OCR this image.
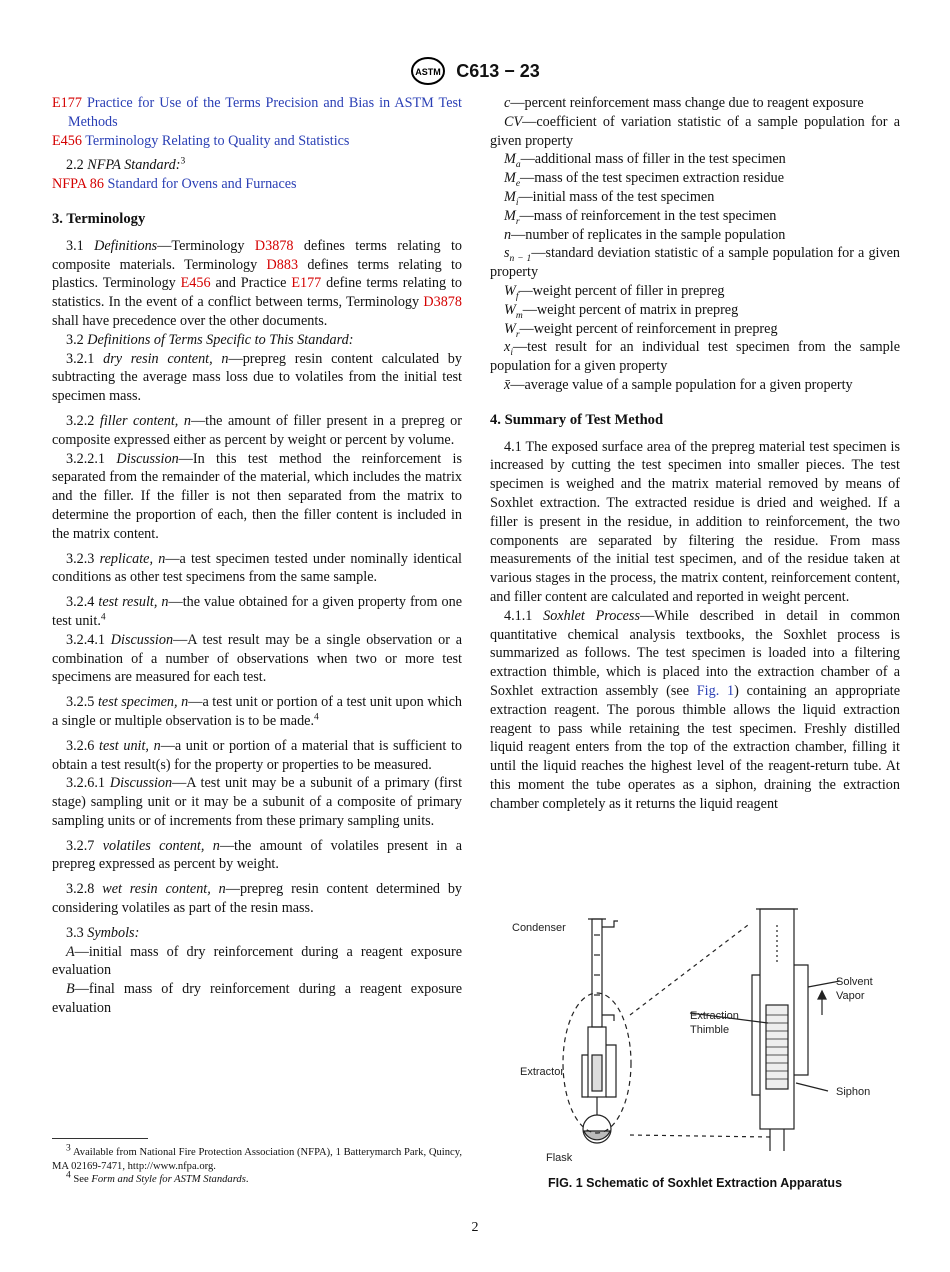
ASTM C613 − 23

E177 Practice for Use of the Terms Precision and Bias in ASTM Test Methods

E456 Terminology Relating to Quality and Statistics

2.2 NFPA Standard:$^3$

NFPA 86 Standard for Ovens and Furnaces

3. Terminology

3.1 Definitions—Terminology D3878 defines terms relating to composite materials. Terminology D883 defines terms relating to plastics. Terminology E456 and Practice E177 define terms relating to statistics. In the event of a conflict between terms, Terminology D3878 shall have precedence over the other documents.

3.2 Definitions of Terms Specific to This Standard:

3.2.1 dry resin content, n—prepreg resin content calculated by subtracting the average mass loss due to volatiles from the initial test specimen mass.

3.2.2 filler content, n—the amount of filler present in a prepreg or composite expressed either as percent by weight or percent by volume.

3.2.2.1 Discussion—In this test method the reinforcement is separated from the remainder of the material, which includes the matrix and the filler. If the filler is not then separated from the matrix to determine the proportion of each, then the filler content is included in the matrix content.

3.2.3 replicate, n—a test specimen tested under nominally identical conditions as other test specimens from the same sample.

3.2.4 test result, n—the value obtained for a given property from one test unit.$^4$

3.2.4.1 Discussion—A test result may be a single observation or a combination of a number of observations when two or more test specimens are measured for each test.

3.2.5 test specimen, n—a test unit or portion of a test unit upon which a single or multiple observation is to be made.$^4$

3.2.6 test unit, n—a unit or portion of a material that is sufficient to obtain a test result(s) for the property or properties to be measured.

3.2.6.1 Discussion—A test unit may be a subunit of a primary (first stage) sampling unit or it may be a subunit of a composite of primary sampling units or of increments from these primary sampling units.

3.2.7 volatiles content, n—the amount of volatiles present in a prepreg expressed as percent by weight.

3.2.8 wet resin content, n—prepreg resin content determined by considering volatiles as part of the resin mass.

3.3 Symbols:

A—initial mass of dry reinforcement during a reagent exposure evaluation

B—final mass of dry reinforcement during a reagent exposure evaluation

c—percent reinforcement mass change due to reagent exposure

CV—coefficient of variation statistic of a sample population for a given property

$M_a—additional$ mass of filler in the test specimen

$M_e—mass$ of the test specimen extraction residue

$M_i—initial$ mass of the test specimen

$M_r—mass$ of reinforcement in the test specimen

n—number of replicates in the sample population

$s_{n - 1}—standard$ deviation statistic of a sample population for a given property

$W_f—weight$ percent of filler in prepreg

$W_m—weight$ percent of matrix in prepreg

$W_r—weight$ percent of reinforcement in prepreg

$x_i—test$ result for an individual test specimen from the sample population for a given property

x̄—average value of a sample population for a given property

4. Summary of Test Method

4.1 The exposed surface area of the prepreg material test specimen is increased by cutting the test specimen into smaller pieces. The test specimen is weighed and the matrix material removed by means of Soxhlet extraction. The extracted residue is dried and weighed. If a filler is present in the residue, in addition to reinforcement, the two components are separated by filtering the residue. From mass measurements of the initial test specimen, and of the residue taken at various stages in the process, the matrix content, reinforcement content, and filler content are calculated and reported in weight percent.

4.1.1 Soxhlet Process—While described in detail in common quantitative chemical analysis textbooks, the Soxhlet process is summarized as follows. The test specimen is loaded into a filtering extraction thimble, which is placed into the extraction chamber of a Soxhlet extraction assembly (see Fig. 1) containing an appropriate extraction reagent. The porous thimble allows the liquid extraction reagent to pass while retaining the test specimen. Freshly distilled liquid reagent enters from the top of the extraction chamber, filling it until the liquid reaches the highest level of the reagent-return tube. At this moment the tube operates as a siphon, draining the extraction chamber completely as it returns the liquid reagent

Condenser
Extractor
Flask
Extraction
Thimble
Solvent
Vapor
Siphon
FIG. 1 Schematic of Soxhlet Extraction Apparatus

$^3$ Available from National Fire Protection Association (NFPA), 1 Batterymarch Park, Quincy, MA 02169-7471, http://www.nfpa.org.

$^4$ See Form and Style for ASTM Standards.

2
